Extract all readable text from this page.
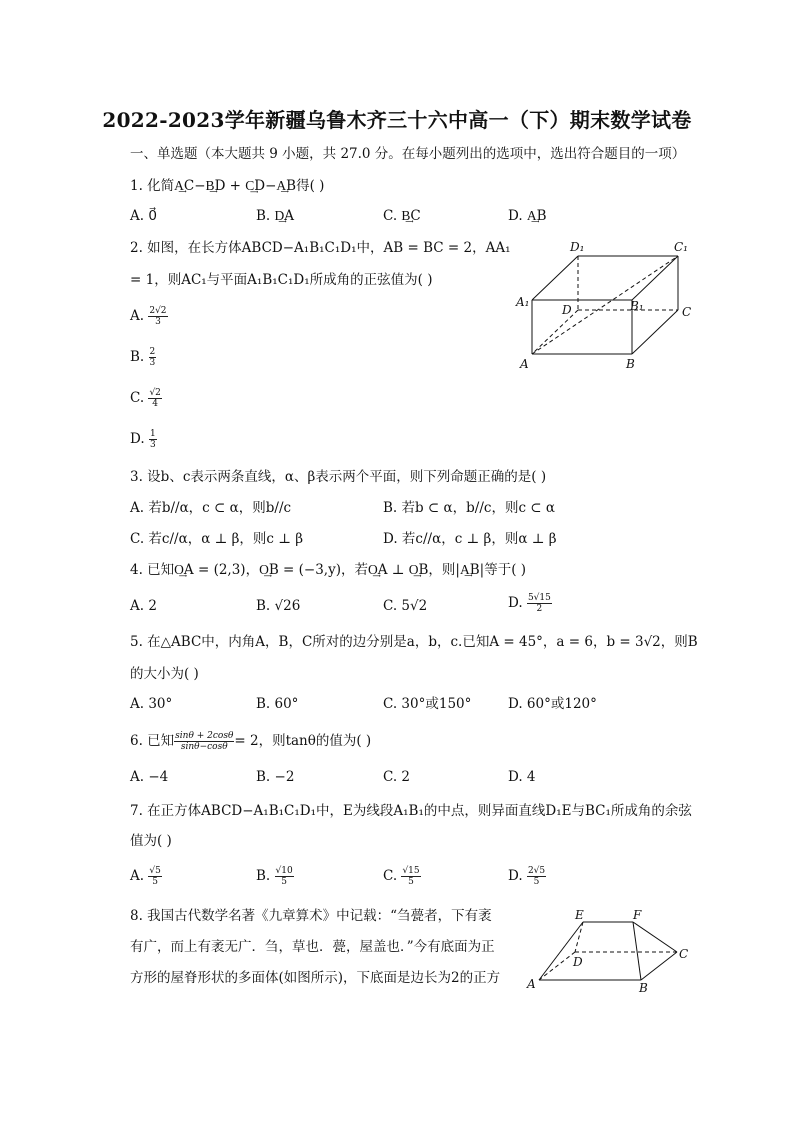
2022-2023学年新疆乌鲁木齐三十六中高一（下）期末数学试卷
一、单选题（本大题共 9 小题，共 27.0 分。在每小题列出的选项中，选出符合题目的一项）
1. 化简A͢C−B͢D + C͢D−A͢B得( )
A. 0⃗	B. D͢A	C. B͢C	D. A͢B
2. 如图，在长方体ABCD−A₁B₁C₁D₁中，AB = BC = 2，AA₁
= 1，则AC₁与平面A₁B₁C₁D₁所成角的正弦值为( )
A. $\frac{2√2}{3}$
B. $\frac{2}{3}$
C. $\frac{√2}{4}$
D. $\frac{1}{3}$
D₁	C₁
A₁
D	B₁	C
A	B
3. 设b、c表示两条直线，α、β表示两个平面，则下列命题正确的是( )
A. 若b//α，c ⊂ α，则b//c	B. 若b ⊂ α，b//c，则c ⊂ α
C. 若c//α，α ⊥ β，则c ⊥ β	D. 若c//α，c ⊥ β，则α ⊥ β
4. 已知O͢A = (2,3)，O͢B = (−3,y)，若O͢A ⊥ O͢B，则|A͢B|等于( )
A. 2	B. √26	C. 5√2	D. $\frac{5√15}{2}$
5. 在△ABC中，内角A，B，C所对的边分别是a，b，c.已知A = 45°，a = 6，b = 3√2，则B
的大小为( )
A. 30°	B. 60°	C. 30°或150°	D. 60°或120°
6. 已知 $\frac{\sin\theta + 2\cos\theta}{\sin\theta-\cos\theta} = 2$，则tanθ的值为( )
A. −4	B. −2	C. 2	D. 4
7. 在正方体ABCD−A₁B₁C₁D₁中，E为线段A₁B₁的中点，则异面直线D₁E与BC₁所成角的余弦
值为( )
A. $\frac{√5}{5}$	B. $\frac{√10}{5}$	C. $\frac{√15}{5}$	D. $\frac{2√5}{5}$
8. 我国古代数学名著《九章算术》中记载：“刍甍者，下有袤
有广，而上有袤无广．刍，草也．甍，屋盖也．”今有底面为正
方形的屋脊形状的多面体(如图所示)，下底面是边长为2的正方
E	F
D
C
A	B
